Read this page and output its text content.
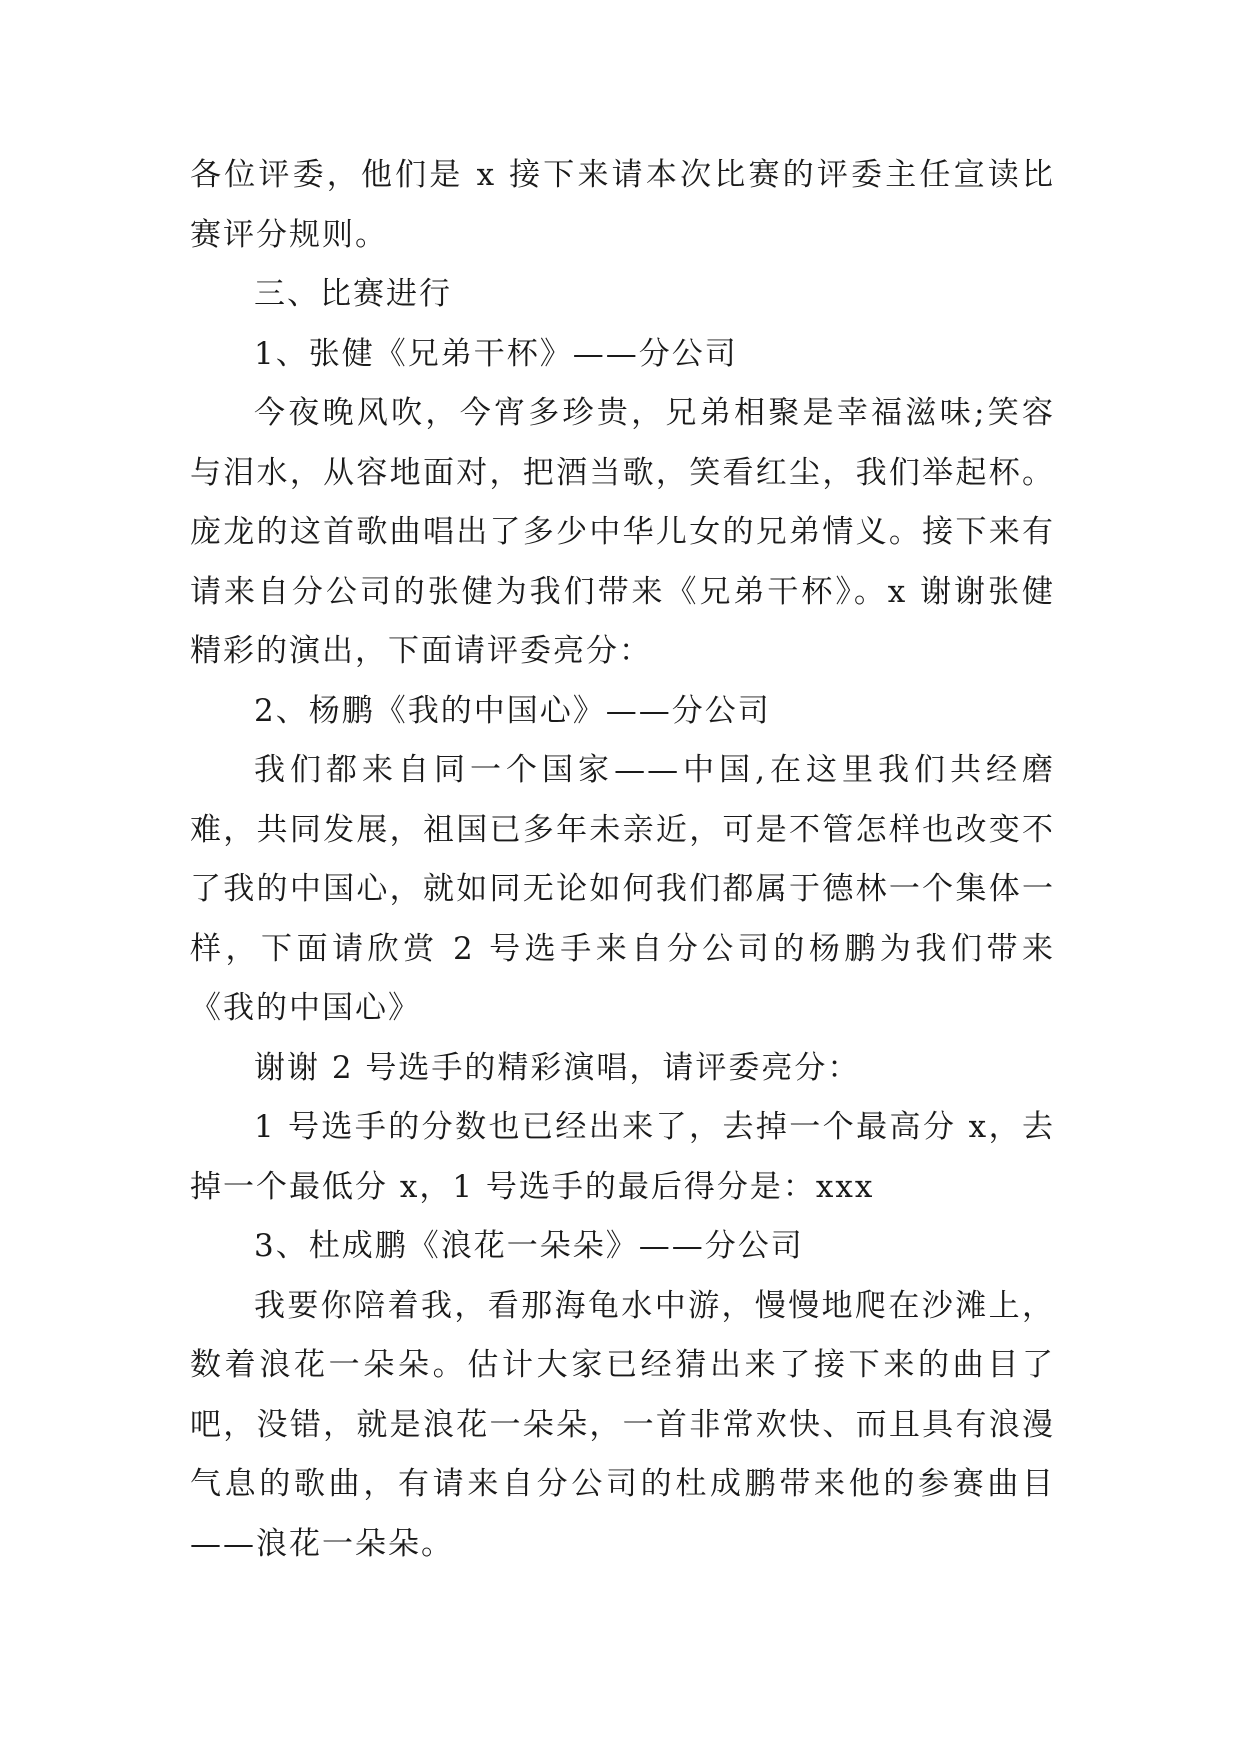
各位评委，他们是 x 接下来请本次比赛的评委主任宣读比赛评分规则。

三、比赛进行

1、张健《兄弟干杯》——分公司

今夜晚风吹，今宵多珍贵，兄弟相聚是幸福滋味;笑容与泪水，从容地面对，把酒当歌，笑看红尘，我们举起杯。庞龙的这首歌曲唱出了多少中华儿女的兄弟情义。接下来有请来自分公司的张健为我们带来《兄弟干杯》。x 谢谢张健精彩的演出，下面请评委亮分：

2、杨鹏《我的中国心》——分公司

我们都来自同一个国家——中国,在这里我们共经磨难，共同发展，祖国已多年未亲近，可是不管怎样也改变不了我的中国心，就如同无论如何我们都属于德林一个集体一样，下面请欣赏 2 号选手来自分公司的杨鹏为我们带来《我的中国心》

谢谢 2 号选手的精彩演唱，请评委亮分：

1 号选手的分数也已经出来了，去掉一个最高分 x，去掉一个最低分 x，1 号选手的最后得分是：xxx

3、杜成鹏《浪花一朵朵》——分公司

我要你陪着我，看那海龟水中游，慢慢地爬在沙滩上，数着浪花一朵朵。估计大家已经猜出来了接下来的曲目了吧，没错，就是浪花一朵朵，一首非常欢快、而且具有浪漫气息的歌曲，有请来自分公司的杜成鹏带来他的参赛曲目——浪花一朵朵。
